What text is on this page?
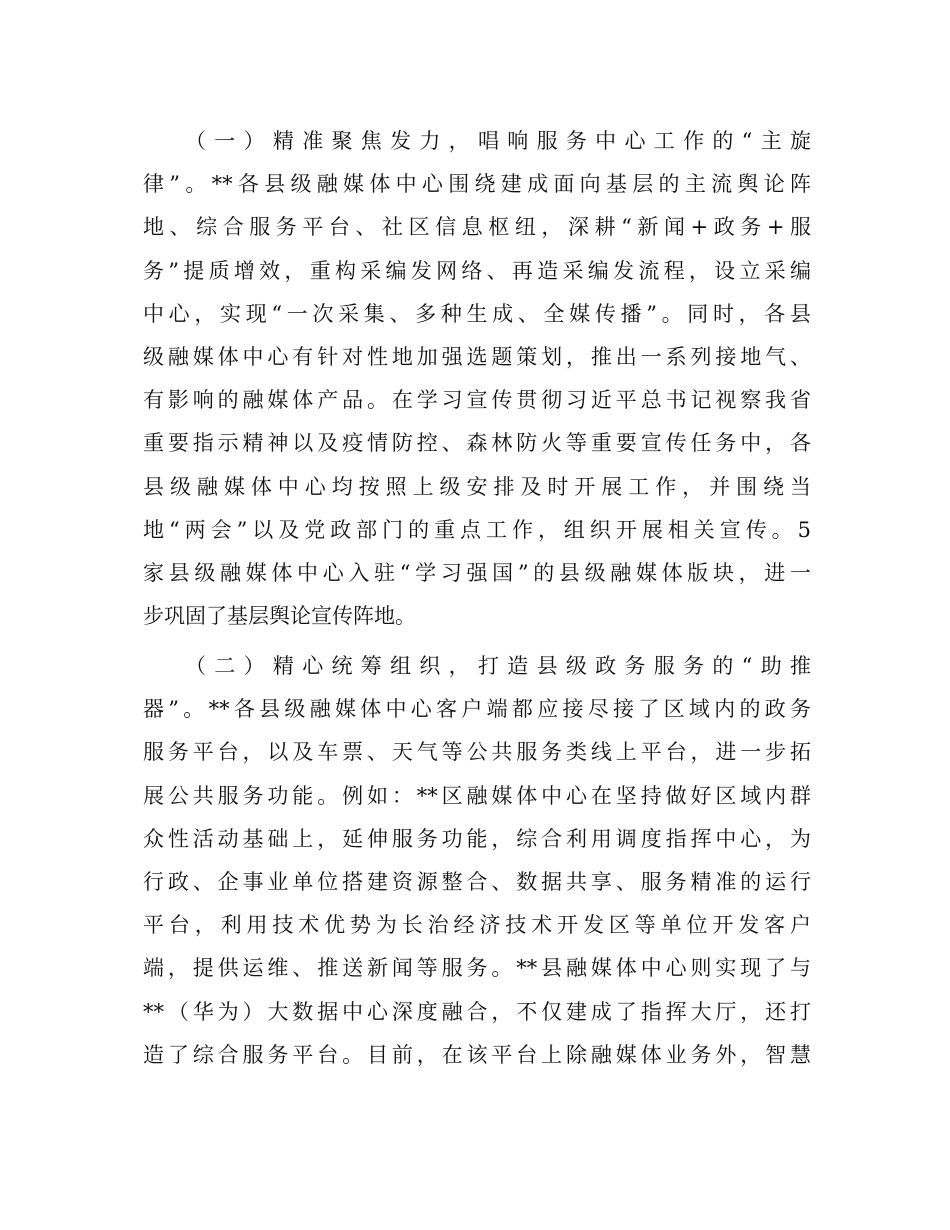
（一）精准聚焦发力，唱响服务中心工作的“主旋
律”。**各县级融媒体中心围绕建成面向基层的主流舆论阵
地、综合服务平台、社区信息枢纽，深耕“新闻+政务+服
务”提质增效，重构采编发网络、再造采编发流程，设立采编
中心，实现“一次采集、多种生成、全媒传播”。同时，各县
级融媒体中心有针对性地加强选题策划，推出一系列接地气、
有影响的融媒体产品。在学习宣传贯彻习近平总书记视察我省
重要指示精神以及疫情防控、森林防火等重要宣传任务中，各
县级融媒体中心均按照上级安排及时开展工作，并围绕当
地“两会”以及党政部门的重点工作，组织开展相关宣传。5
家县级融媒体中心入驻“学习强国”的县级融媒体版块，进一
步巩固了基层舆论宣传阵地。
（二）精心统筹组织，打造县级政务服务的“助推
器”。**各县级融媒体中心客户端都应接尽接了区域内的政务
服务平台，以及车票、天气等公共服务类线上平台，进一步拓
展公共服务功能。例如：**区融媒体中心在坚持做好区域内群
众性活动基础上，延伸服务功能，综合利用调度指挥中心，为
行政、企事业单位搭建资源整合、数据共享、服务精准的运行
平台，利用技术优势为长治经济技术开发区等单位开发客户
端，提供运维、推送新闻等服务。**县融媒体中心则实现了与
**（华为）大数据中心深度融合，不仅建成了指挥大厅，还打
造了综合服务平台。目前，在该平台上除融媒体业务外，智慧
